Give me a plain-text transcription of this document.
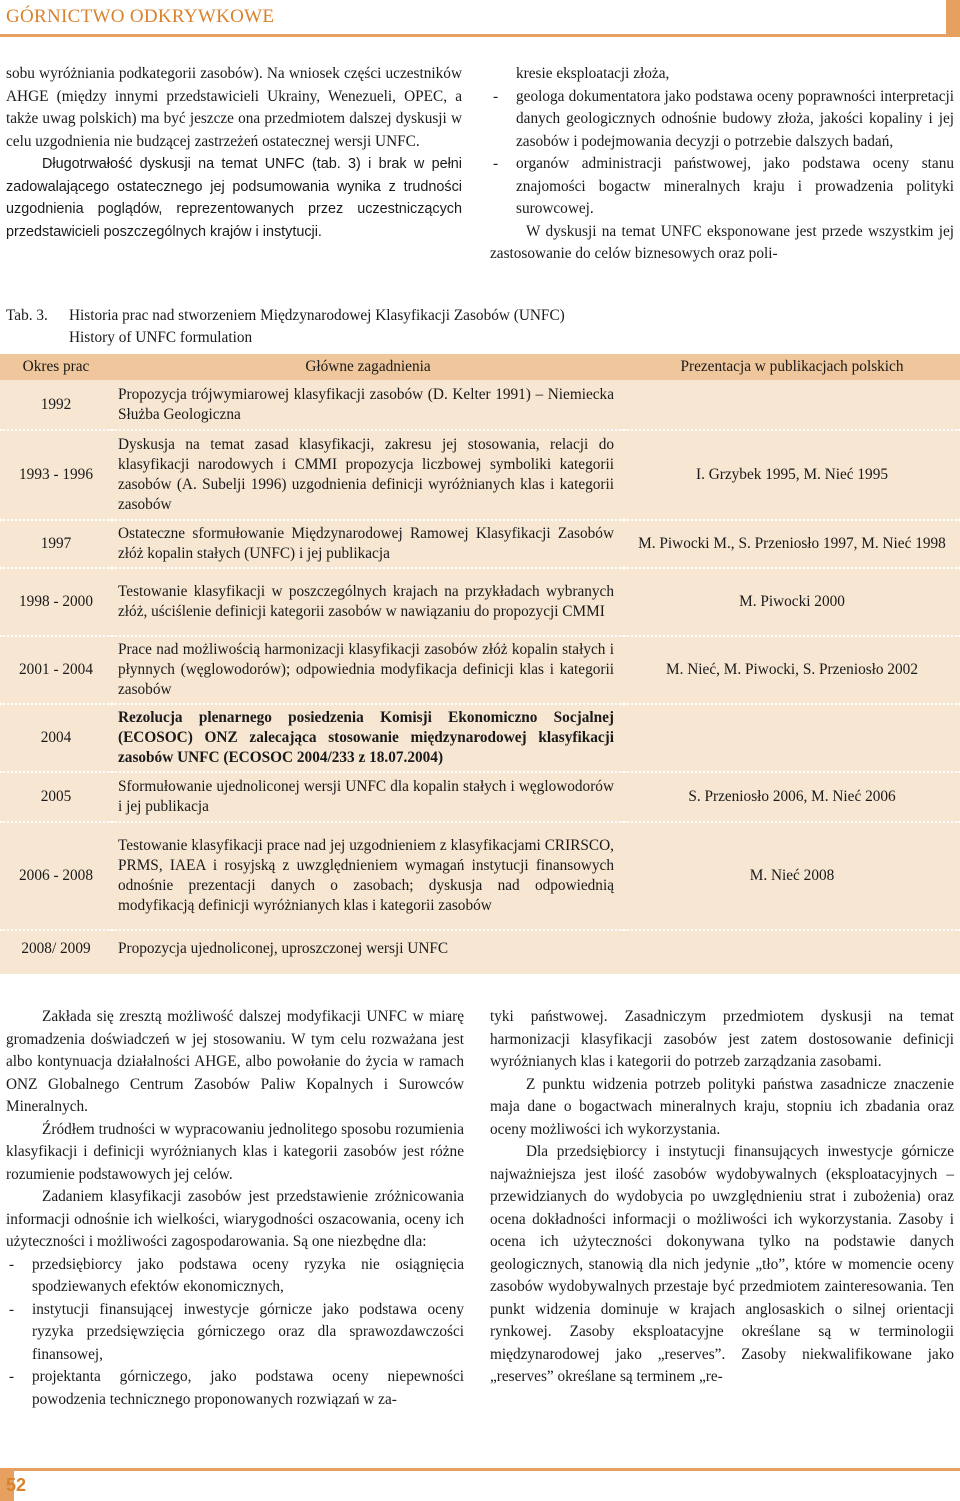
GÓRNICTWO ODKRYWKOWE

sobu wyróżniania podkategorii zasobów). Na wniosek części uczestników AHGE (między innymi przedstawicieli Ukrainy, Wenezueli, OPEC, a także uwag polskich) ma być jeszcze ona przedmiotem dalszej dyskusji w celu uzgodnienia nie budzącej zastrzeżeń ostatecznej wersji UNFC.

Długotrwałość dyskusji na temat UNFC (tab. 3) i brak w pełni zadowalającego ostatecznego jej podsumowania wynika z trudności uzgodnienia poglądów, reprezentowanych przez uczestniczących przedstawicieli poszczególnych krajów i instytucji.

kresie eksploatacji złoża,

- geologa dokumentatora jako podstawa oceny poprawności interpretacji danych geologicznych odnośnie budowy złoża, jakości kopaliny i jej zasobów i podejmowania decyzji o potrzebie dalszych badań,

- organów administracji państwowej, jako podstawa oceny stanu znajomości bogactw mineralnych kraju i prowadzenia polityki surowcowej.

W dyskusji na temat UNFC eksponowane jest przede wszystkim jej zastosowanie do celów biznesowych oraz poli-

Tab. 3. Historia prac nad stworzeniem Międzynarodowej Klasyfikacji Zasobów (UNFC)
History of UNFC formulation
Okres prac	Główne zagadnienia	Prezentacja w publikacjach polskich
1992	Propozycja trójwymiarowej klasyfikacji zasobów (D. Kelter 1991) – Niemiecka Służba Geologiczna	
1993 - 1996	Dyskusja na temat zasad klasyfikacji, zakresu jej stosowania, relacji do klasyfikacji narodowych i CMMI propozycja liczbowej symboliki kategorii zasobów (A. Subelji 1996) uzgodnienia definicji wyróżnianych klas i kategorii zasobów	I. Grzybek 1995, M. Nieć 1995
1997	Ostateczne sformułowanie Międzynarodowej Ramowej Klasyfikacji Zasobów złóż kopalin stałych (UNFC) i jej publikacja	M. Piwocki M., S. Przeniosło 1997, M. Nieć 1998
1998 - 2000	Testowanie klasyfikacji w poszczególnych krajach na przykładach wybranych złóż, uściślenie definicji kategorii zasobów w nawiązaniu do propozycji CMMI	M. Piwocki 2000
2001 - 2004	Prace nad możliwością harmonizacji klasyfikacji zasobów złóż kopalin stałych i płynnych (węglowodorów); odpowiednia modyfikacja definicji klas i kategorii zasobów	M. Nieć, M. Piwocki, S. Przeniosło 2002
2004	Rezolucja plenarnego posiedzenia Komisji Ekonomiczno Socjalnej (ECOSOC) ONZ zalecająca stosowanie międzynarodowej klasyfikacji zasobów UNFC (ECOSOC 2004/233 z 18.07.2004)	
2005	Sformułowanie ujednoliconej wersji UNFC dla kopalin stałych i węglowodorów i jej publikacja	S. Przeniosło 2006, M. Nieć 2006
2006 - 2008	Testowanie klasyfikacji prace nad jej uzgodnieniem z klasyfikacjami CRIRSCO, PRMS, IAEA i rosyjską z uwzględnieniem wymagań instytucji finansowych odnośnie prezentacji danych o zasobach; dyskusja nad odpowiednią modyfikacją definicji wyróżnianych klas i kategorii zasobów	M. Nieć 2008
2008/ 2009	Propozycja ujednoliconej, uproszczonej wersji UNFC	

Zakłada się zresztą możliwość dalszej modyfikacji UNFC w miarę gromadzenia doświadczeń w jej stosowaniu. W tym celu rozważana jest albo kontynuacja działalności AHGE, albo powołanie do życia w ramach ONZ Globalnego Centrum Zasobów Paliw Kopalnych i Surowców Mineralnych.

Źródłem trudności w wypracowaniu jednolitego sposobu rozumienia klasyfikacji i definicji wyróżnianych klas i kategorii zasobów jest różne rozumienie podstawowych jej celów.

Zadaniem klasyfikacji zasobów jest przedstawienie zróżnicowania informacji odnośnie ich wielkości, wiarygodności oszacowania, oceny ich użyteczności i możliwości zagospodarowania. Są one niezbędne dla:

- przedsiębiorcy jako podstawa oceny ryzyka nie osiągnięcia spodziewanych efektów ekonomicznych,

- instytucji finansującej inwestycje górnicze jako podstawa oceny ryzyka przedsięwzięcia górniczego oraz dla sprawozdawczości finansowej,

- projektanta górniczego, jako podstawa oceny niepewności powodzenia technicznego proponowanych rozwiązań w za-

tyki państwowej. Zasadniczym przedmiotem dyskusji na temat harmonizacji klasyfikacji zasobów jest zatem dostosowanie definicji wyróżnianych klas i kategorii do potrzeb zarządzania zasobami.

Z punktu widzenia potrzeb polityki państwa zasadnicze znaczenie maja dane o bogactwach mineralnych kraju, stopniu ich zbadania oraz oceny możliwości ich wykorzystania.

Dla przedsiębiorcy i instytucji finansujących inwestycje górnicze najważniejsza jest ilość zasobów wydobywalnych (eksploatacyjnych – przewidzianych do wydobycia po uwzględnieniu strat i zubożenia) oraz ocena dokładności informacji o możliwości ich wykorzystania. Zasoby i ocena ich użyteczności dokonywana tylko na podstawie danych geologicznych, stanowią dla nich jedynie „tło”, które w momencie oceny zasobów wydobywalnych przestaje być przedmiotem zainteresowania. Ten punkt widzenia dominuje w krajach anglosaskich o silnej orientacji rynkowej. Zasoby eksploatacyjne określane są w terminologii międzynarodowej jako „reserves”. Zasoby niekwalifikowane jako „reserves” określane są terminem „re-

52
